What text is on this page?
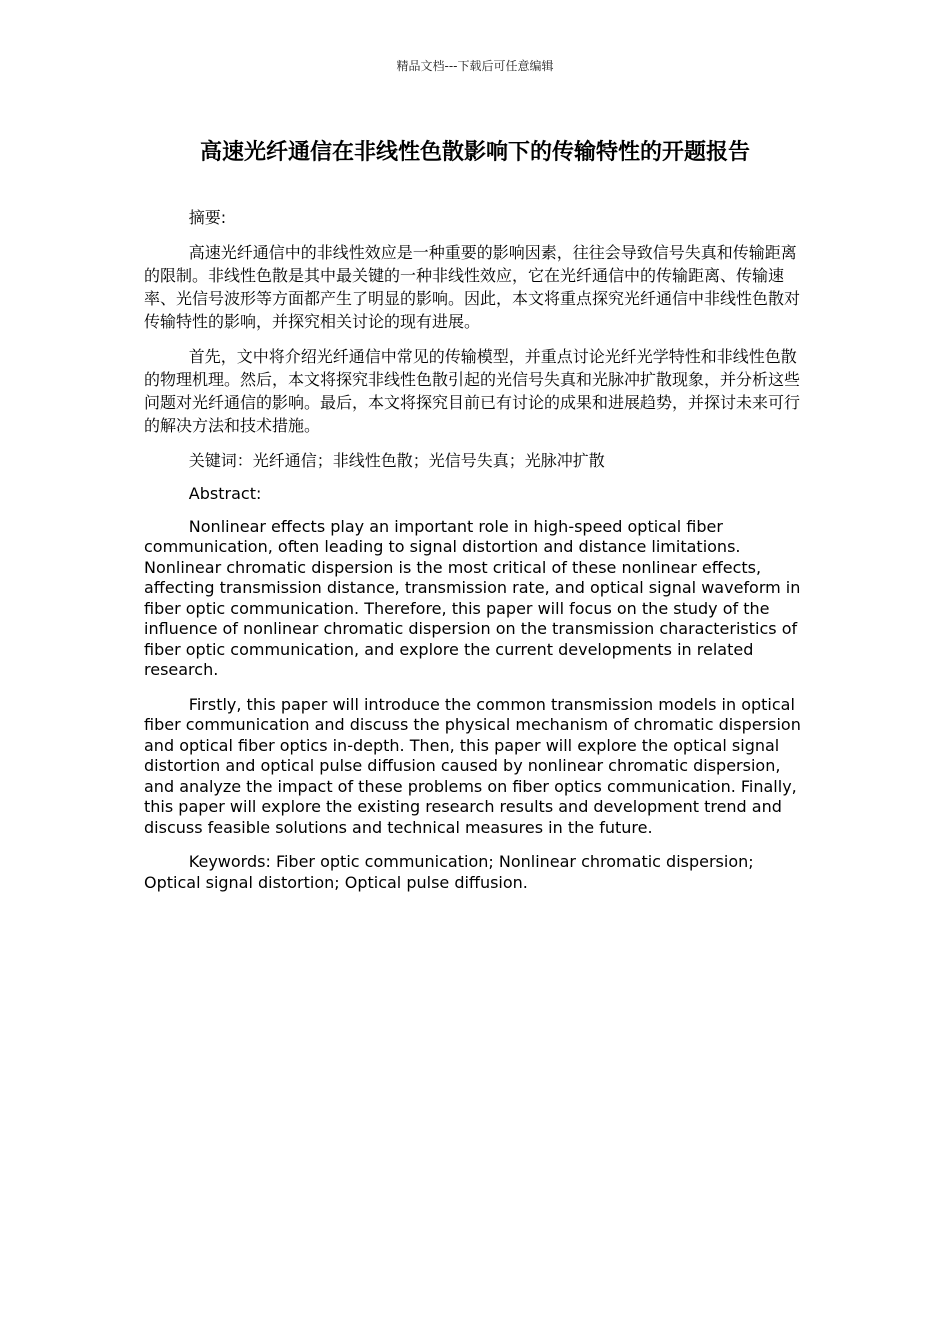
精品文档---下载后可任意编辑
高速光纤通信在非线性色散影响下的传输特性的开题报告

摘要:

高速光纤通信中的非线性效应是一种重要的影响因素，往往会导致信号失真和传输距离的限制。非线性色散是其中最关键的一种非线性效应，它在光纤通信中的传输距离、传输速率、光信号波形等方面都产生了明显的影响。因此，本文将重点探究光纤通信中非线性色散对传输特性的影响，并探究相关讨论的现有进展。

首先，文中将介绍光纤通信中常见的传输模型，并重点讨论光纤光学特性和非线性色散的物理机理。然后，本文将探究非线性色散引起的光信号失真和光脉冲扩散现象，并分析这些问题对光纤通信的影响。最后，本文将探究目前已有讨论的成果和进展趋势，并探讨未来可行的解决方法和技术措施。

关键词：光纤通信；非线性色散；光信号失真；光脉冲扩散

Abstract:

Nonlinear effects play an important role in high-speed optical fiber communication, often leading to signal distortion and distance limitations. Nonlinear chromatic dispersion is the most critical of these nonlinear effects, affecting transmission distance, transmission rate, and optical signal waveform in fiber optic communication. Therefore, this paper will focus on the study of the influence of nonlinear chromatic dispersion on the transmission characteristics of fiber optic communication, and explore the current developments in related research.

Firstly, this paper will introduce the common transmission models in optical fiber communication and discuss the physical mechanism of chromatic dispersion and optical fiber optics in-depth. Then, this paper will explore the optical signal distortion and optical pulse diffusion caused by nonlinear chromatic dispersion, and analyze the impact of these problems on fiber optics communication. Finally, this paper will explore the existing research results and development trend and discuss feasible solutions and technical measures in the future.

Keywords: Fiber optic communication; Nonlinear chromatic dispersion; Optical signal distortion; Optical pulse diffusion.
